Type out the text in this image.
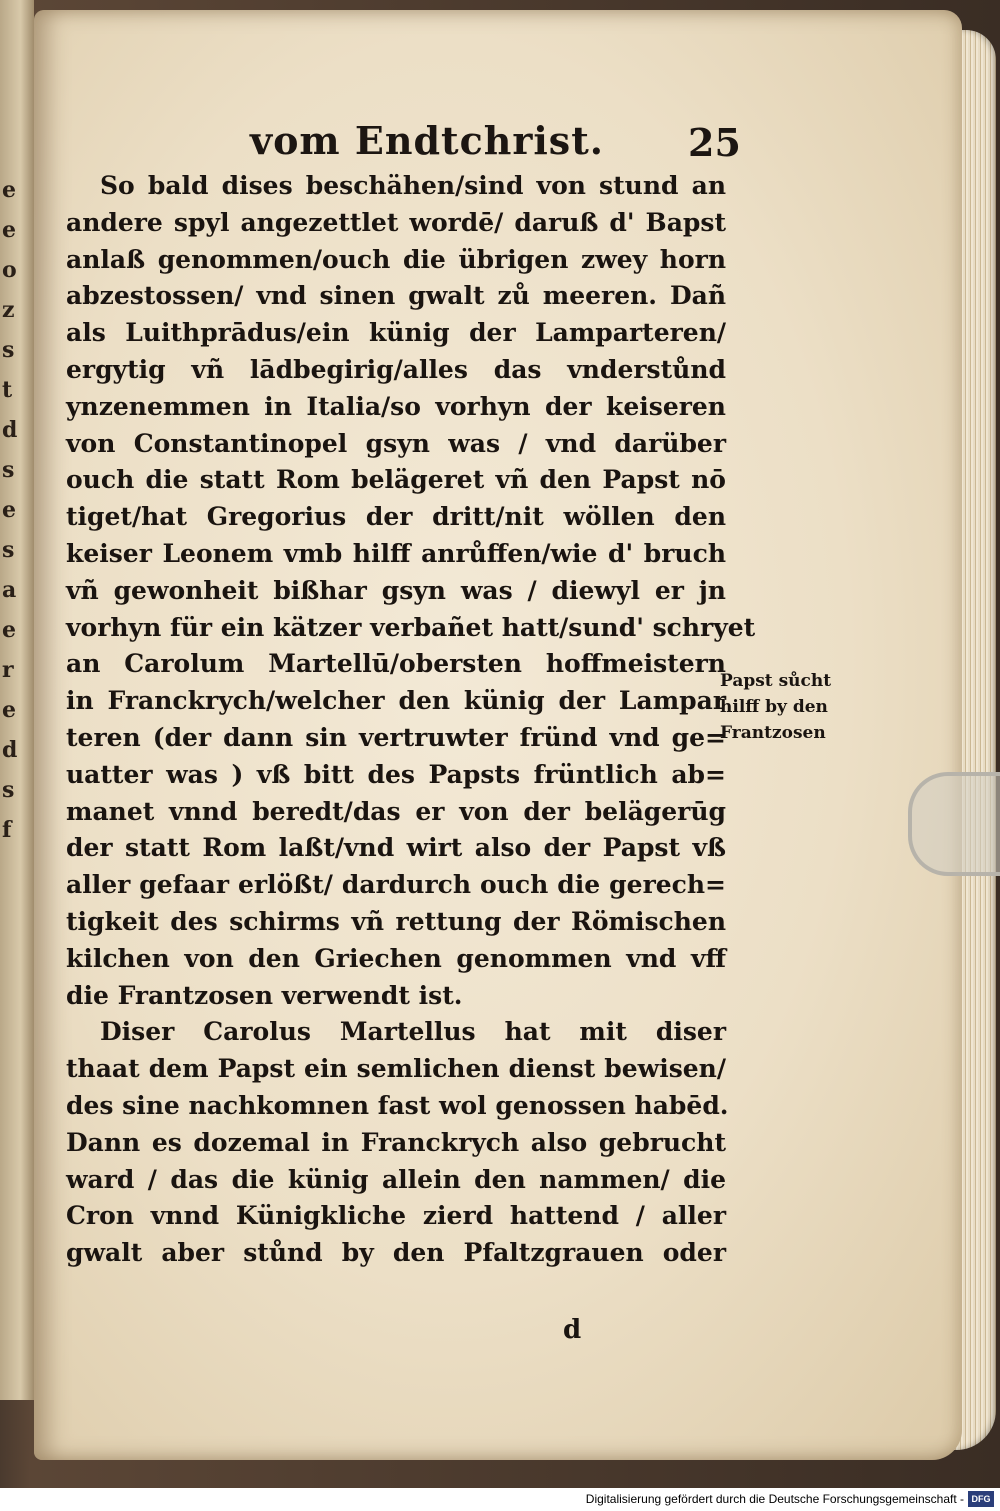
e
e
o
z
s
t
d
s
e
s
a
e
r
e
d
s
f
vom Endtchrist. 25
So bald dises beschähen/sind von stund an
andere spyl angezettlet wordē/ daruß d' Bapst
anlaß genommen/ouch die übrigen zwey horn
abzestossen/ vnd sinen gwalt zů meeren. Dañ
als Luithprādus/ein künig der Lamparteren/
ergytig vñ lādbegirig/alles das vnderstůnd
ynzenemmen in Italia/so vorhyn der keiseren
von Constantinopel gsyn was / vnd darüber
ouch die statt Rom belägeret vñ den Papst nō
tiget/hat Gregorius der dritt/nit wöllen den
keiser Leonem vmb hilff anrůffen/wie d' bruch
vñ gewonheit bißhar gsyn was / diewyl er jn
vorhyn für ein kätzer verbañet hatt/sund' schryet
an Carolum Martellū/obersten hoffmeistern
in Franckrych/welcher den künig der Lampar
teren (der dann sin vertruwter fründ vnd ge=
uatter was ) vß bitt des Papsts früntlich ab=
manet vnnd beredt/das er von der belägerūg
der statt Rom laßt/vnd wirt also der Papst vß
aller gefaar erlößt/ dardurch ouch die gerech=
tigkeit des schirms vñ rettung der Römischen
kilchen von den Griechen genommen vnd vff
die Frantzosen verwendt ist.
Diser Carolus Martellus hat mit diser
thaat dem Papst ein semlichen dienst bewisen/
des sine nachkomnen fast wol genossen habēd.
Dann es dozemal in Franckrych also gebrucht
ward / das die künig allein den nammen/ die
Cron vnnd Künigkliche zierd hattend / aller
gwalt aber stůnd by den Pfaltzgrauen oder
Papst sůcht
hilff by den
Frantzosen
d
Digitalisierung gefördert durch die Deutsche Forschungsgemeinschaft - DFG
